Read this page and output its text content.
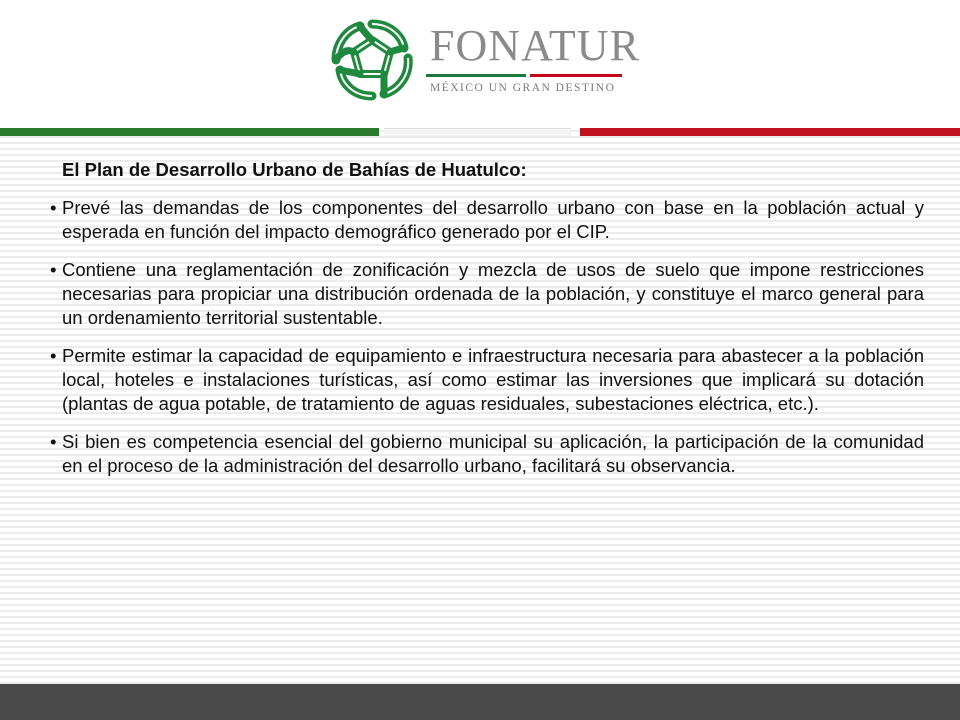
FONATUR
MÉXICO UN GRAN DESTINO
El Plan de Desarrollo Urbano de Bahías de Huatulco:
• Prevé las demandas de los componentes del desarrollo urbano con base en la población actual y esperada en función del impacto demográfico generado por el CIP.
• Contiene una reglamentación de zonificación y mezcla de usos de suelo que impone restricciones necesarias para propiciar una distribución ordenada de la población, y constituye el marco general para un ordenamiento territorial sustentable.
• Permite estimar la capacidad de equipamiento e infraestructura necesaria para abastecer a la población local, hoteles e instalaciones turísticas, así como estimar las inversiones que implicará su dotación (plantas de agua potable, de tratamiento de aguas residuales, subestaciones eléctrica, etc.).
• Si bien es competencia esencial del gobierno municipal su aplicación, la participación de la comunidad en el proceso de la administración del desarrollo urbano, facilitará su observancia.
